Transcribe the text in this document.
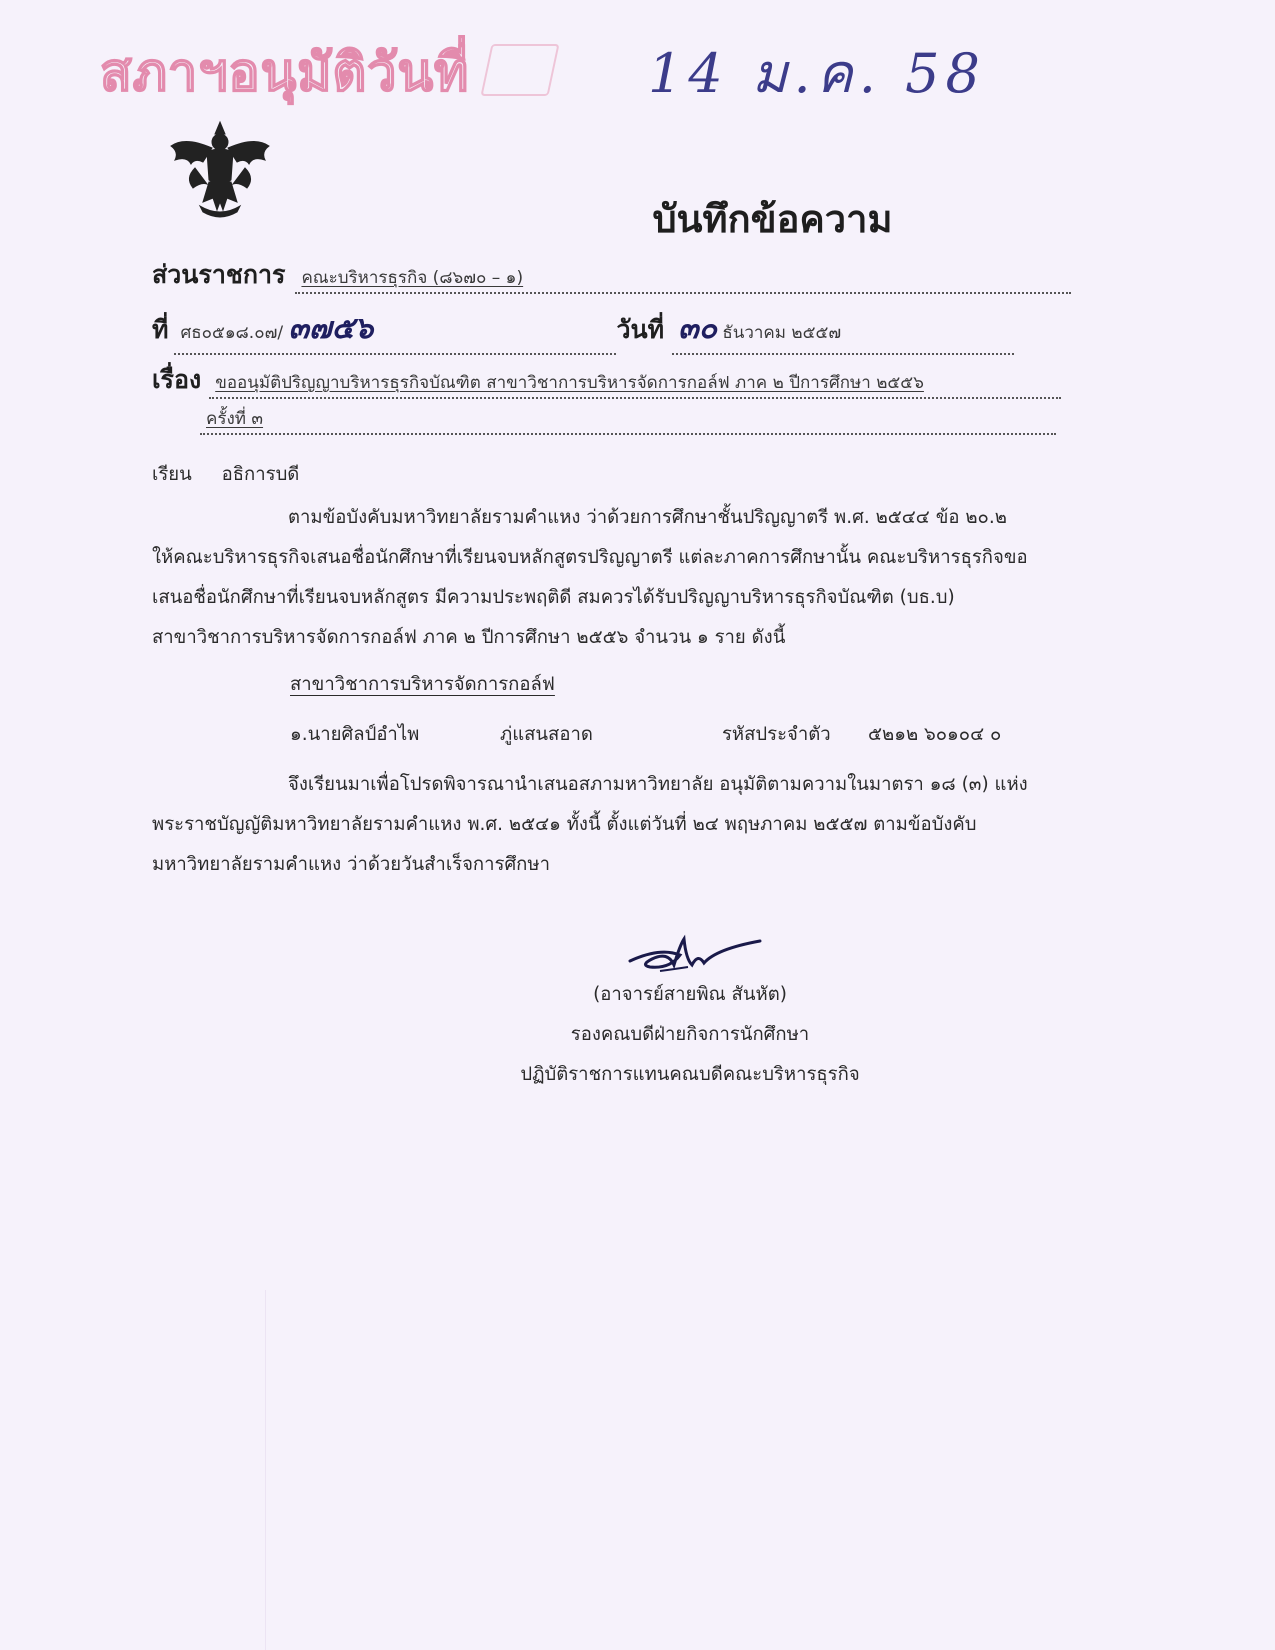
สภาฯอนุมัติวันที่	14 ม.ค. 58
บันทึกข้อความ
ส่วนราชการ คณะบริหารธุรกิจ (๘๖๗๐ – ๑)
ที่ ศธ๐๕๑๘.๐๗/ ๓๗๕๖	วันที่ ๓๐ ธันวาคม ๒๕๕๗
เรื่อง ขออนุมัติปริญญาบริหารธุรกิจบัณฑิต สาขาวิชาการบริหารจัดการกอล์ฟ ภาค ๒ ปีการศึกษา ๒๕๕๖
ครั้งที่ ๓
เรียน อธิการบดี
ตามข้อบังคับมหาวิทยาลัยรามคำแหง ว่าด้วยการศึกษาชั้นปริญญาตรี พ.ศ. ๒๕๔๔ ข้อ ๒๐.๒
ให้คณะบริหารธุรกิจเสนอชื่อนักศึกษาที่เรียนจบหลักสูตรปริญญาตรี แต่ละภาคการศึกษานั้น คณะบริหารธุรกิจขอ
เสนอชื่อนักศึกษาที่เรียนจบหลักสูตร มีความประพฤติดี สมควรได้รับปริญญาบริหารธุรกิจบัณฑิต (บธ.บ)
สาขาวิชาการบริหารจัดการกอล์ฟ ภาค ๒ ปีการศึกษา ๒๕๕๖ จำนวน ๑ ราย ดังนี้
สาขาวิชาการบริหารจัดการกอล์ฟ
๑.นายศิลป์อำไพ	ภู่แสนสอาด	รหัสประจำตัว ๕๒๑๒ ๖๐๑๐๔ ๐
จึงเรียนมาเพื่อโปรดพิจารณานำเสนอสภามหาวิทยาลัย อนุมัติตามความในมาตรา ๑๘ (๓) แห่ง
พระราชบัญญัติมหาวิทยาลัยรามคำแหง พ.ศ. ๒๕๔๑ ทั้งนี้ ตั้งแต่วันที่ ๒๔ พฤษภาคม ๒๕๕๗ ตามข้อบังคับ
มหาวิทยาลัยรามคำแหง ว่าด้วยวันสำเร็จการศึกษา
(อาจารย์สายพิณ สันหัต)
รองคณบดีฝ่ายกิจการนักศึกษา
ปฏิบัติราชการแทนคณบดีคณะบริหารธุรกิจ
